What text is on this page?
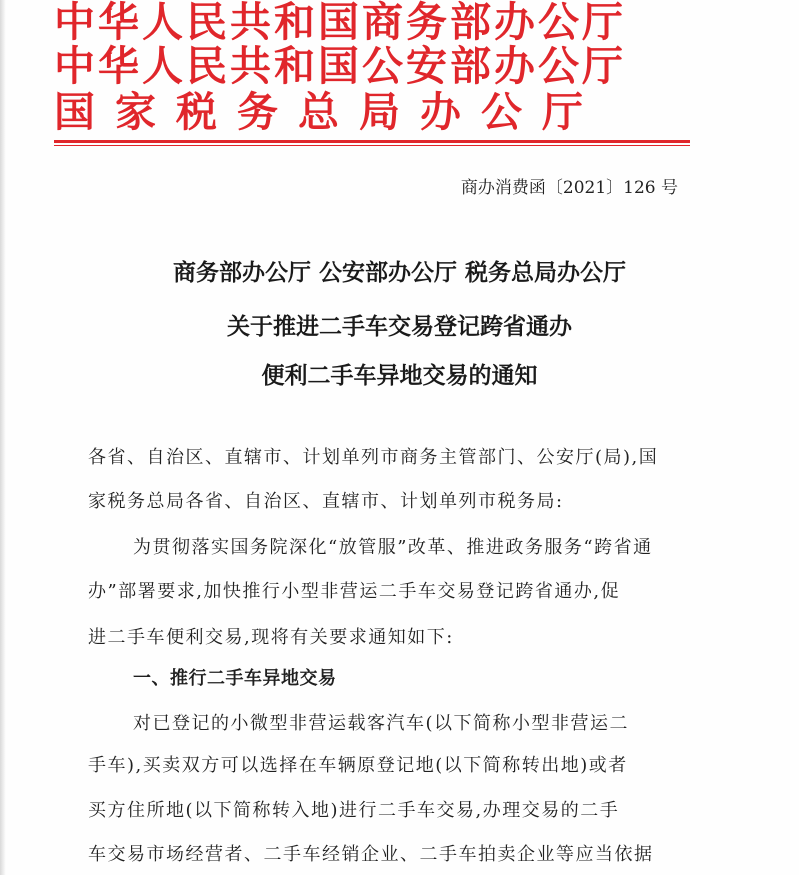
中华人民共和国商务部办公厅
中华人民共和国公安部办公厅
国家税务总局办公厅
商办消费函〔2021〕126 号
商务部办公厅 公安部办公厅 税务总局办公厅
关于推进二手车交易登记跨省通办
便利二手车异地交易的通知
各省、自治区、直辖市、计划单列市商务主管部门、公安厅(局),国
家税务总局各省、自治区、直辖市、计划单列市税务局:
为贯彻落实国务院深化“放管服”改革、推进政务服务“跨省通
办”部署要求,加快推行小型非营运二手车交易登记跨省通办,促
进二手车便利交易,现将有关要求通知如下:
一、推行二手车异地交易
对已登记的小微型非营运载客汽车(以下简称小型非营运二
手车),买卖双方可以选择在车辆原登记地(以下简称转出地)或者
买方住所地(以下简称转入地)进行二手车交易,办理交易的二手
车交易市场经营者、二手车经销企业、二手车拍卖企业等应当依据
